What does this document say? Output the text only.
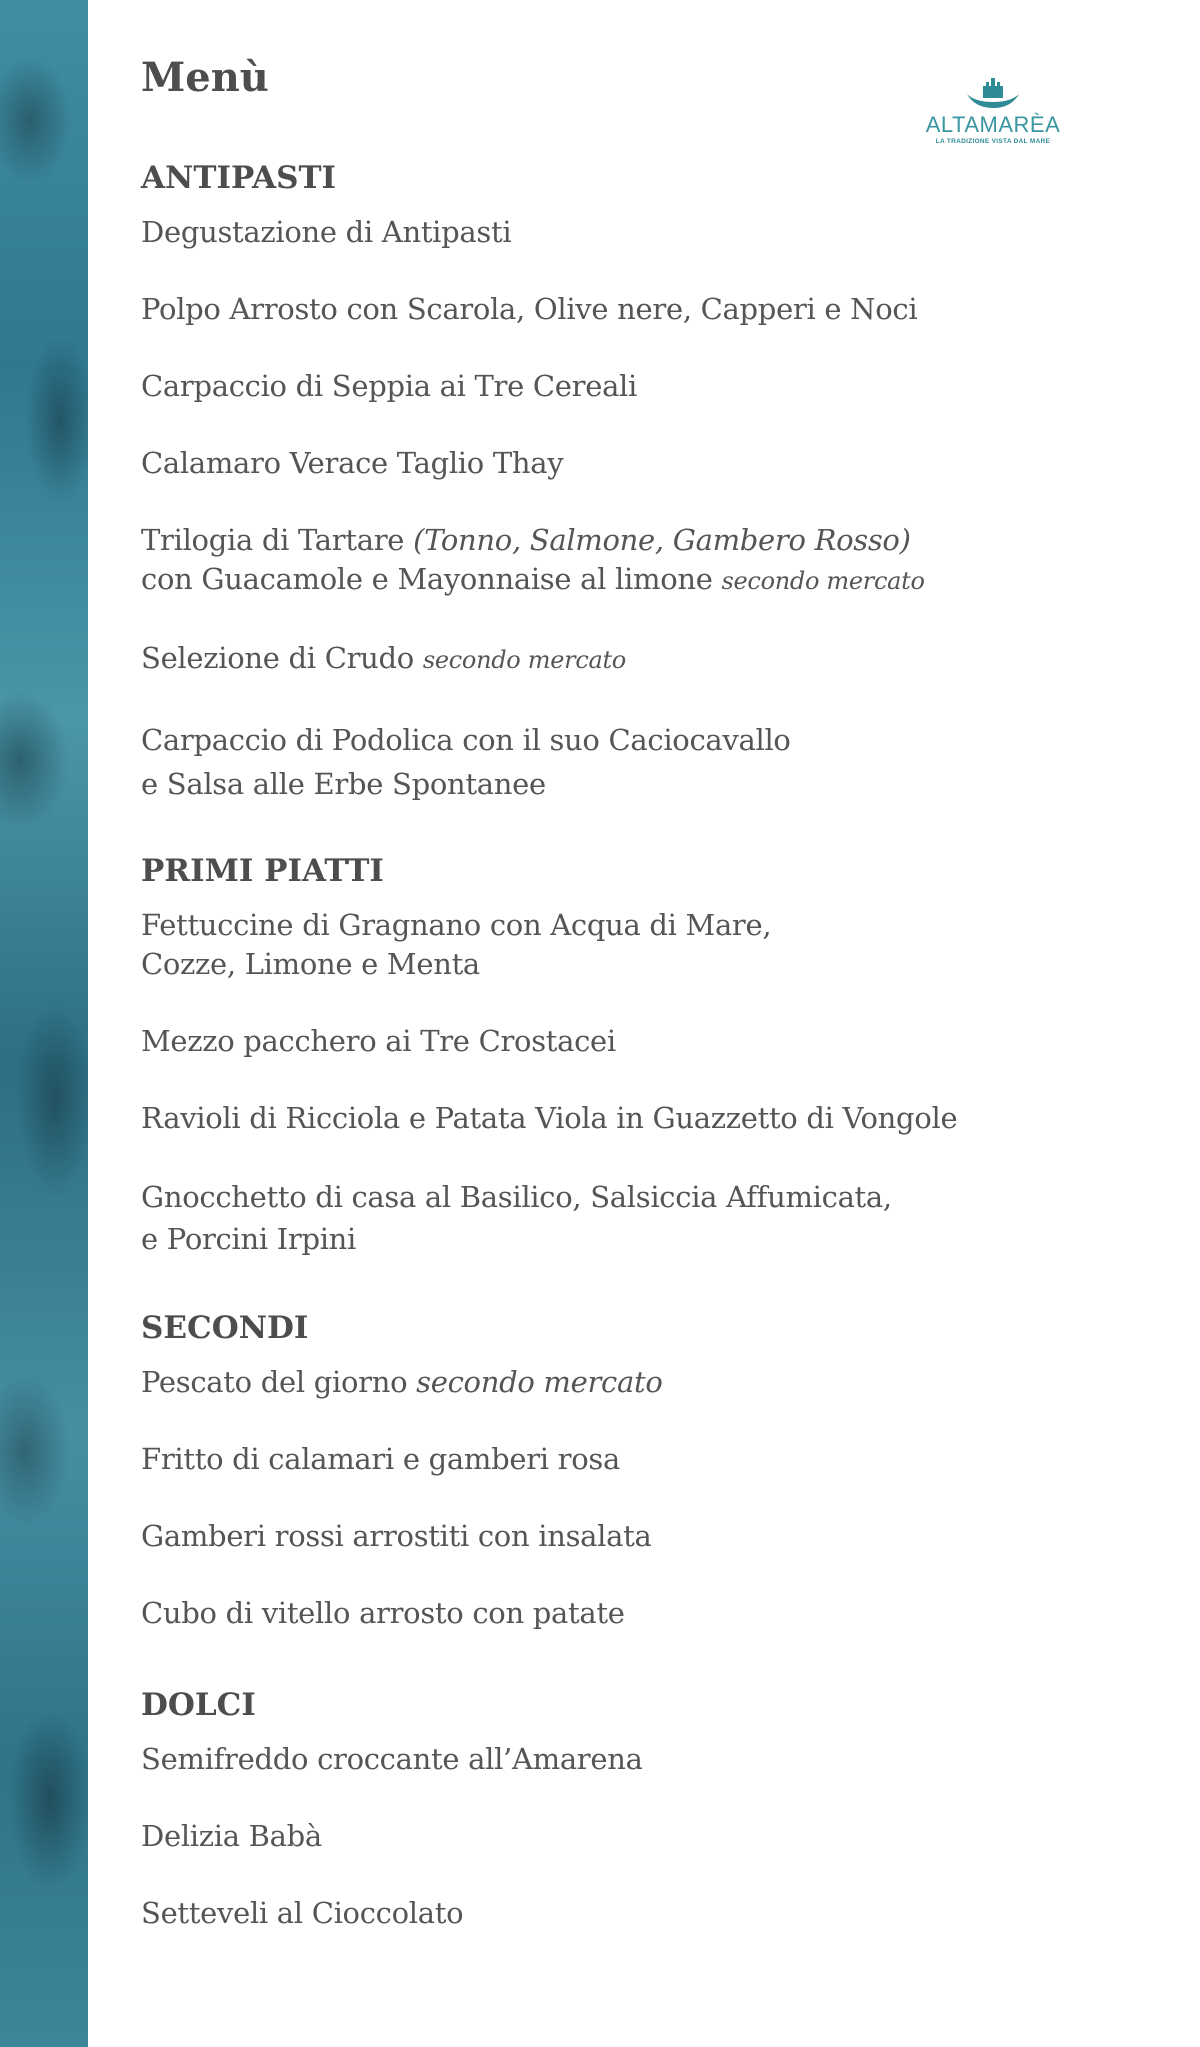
Menù
ALTAMARÈA
LA TRADIZIONE VISTA DAL MARE
ANTIPASTI
Degustazione di Antipasti
Polpo Arrosto con Scarola, Olive nere, Capperi e Noci
Carpaccio di Seppia ai Tre Cereali
Calamaro Verace Taglio Thay
Trilogia di Tartare (Tonno, Salmone, Gambero Rosso)
con Guacamole e Mayonnaise al limone secondo mercato
Selezione di Crudo secondo mercato
Carpaccio di Podolica con il suo Caciocavallo
e Salsa alle Erbe Spontanee
PRIMI PIATTI
Fettuccine di Gragnano con Acqua di Mare,
Cozze, Limone e Menta
Mezzo pacchero ai Tre Crostacei
Ravioli di Ricciola e Patata Viola in Guazzetto di Vongole
Gnocchetto di casa al Basilico, Salsiccia Affumicata,
e Porcini Irpini
SECONDI
Pescato del giorno secondo mercato
Fritto di calamari e gamberi rosa
Gamberi rossi arrostiti con insalata
Cubo di vitello arrosto con patate
DOLCI
Semifreddo croccante all’Amarena
Delizia Babà
Setteveli al Cioccolato
